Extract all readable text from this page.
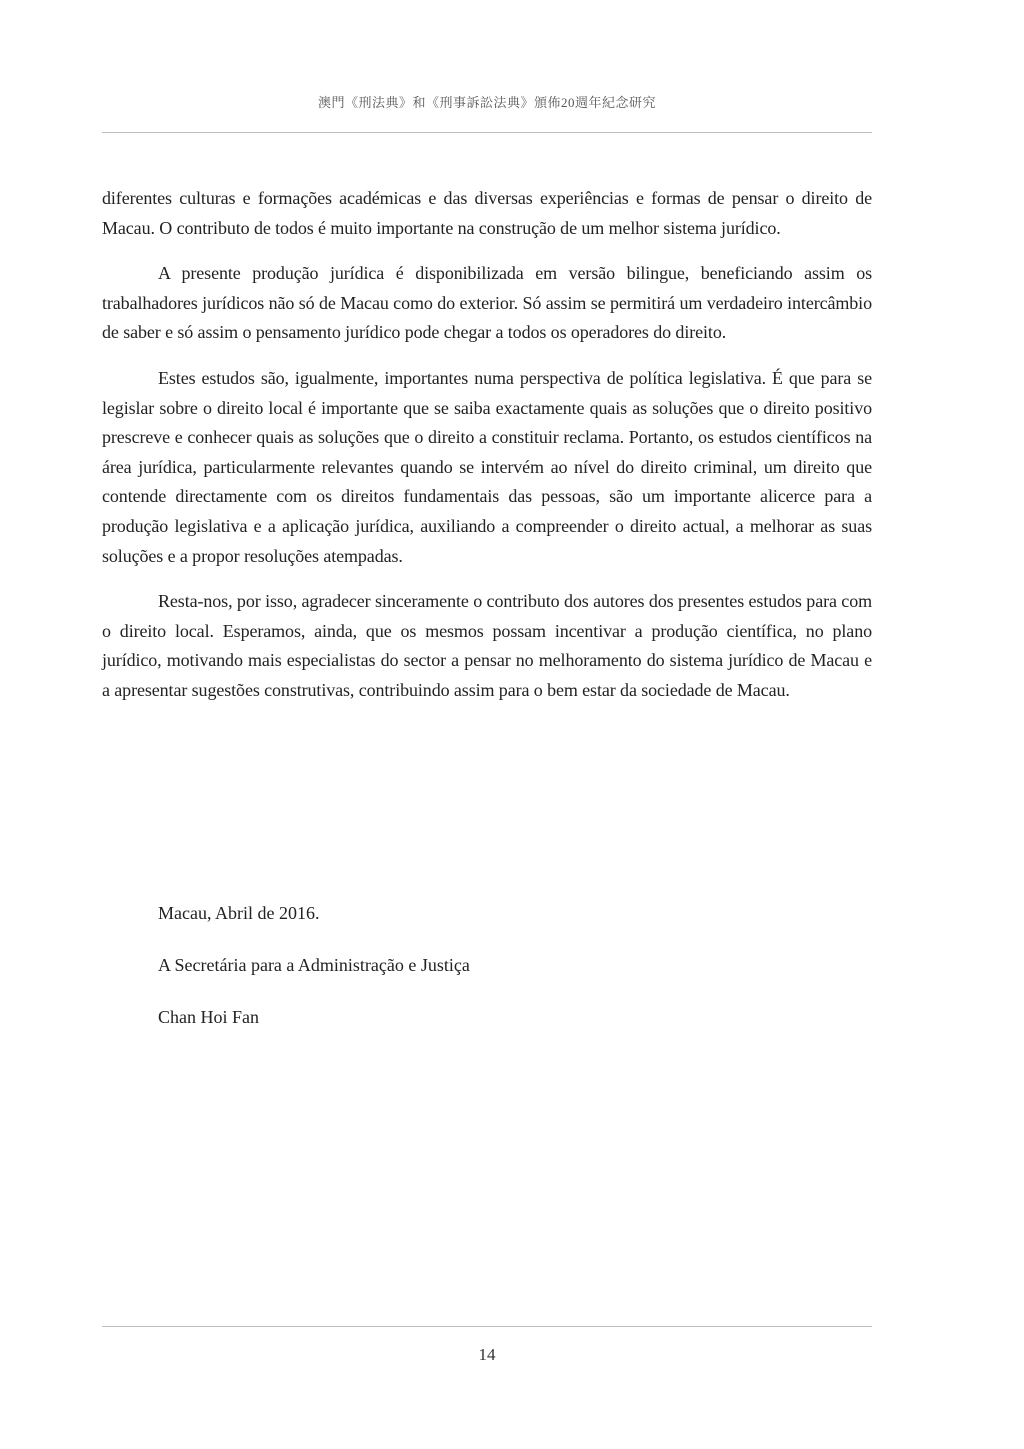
澳門《刑法典》和《刑事訴訟法典》頒佈20週年紀念研究

diferentes culturas e formações académicas e das diversas experiências e formas de pensar o direito de Macau. O contributo de todos é muito importante na construção de um melhor sistema jurídico.

A presente produção jurídica é disponibilizada em versão bilingue, beneficiando assim os trabalhadores jurídicos não só de Macau como do exterior. Só assim se permitirá um verdadeiro intercâmbio de saber e só assim o pensamento jurídico pode chegar a todos os operadores do direito.

Estes estudos são, igualmente, importantes numa perspectiva de política legislativa. É que para se legislar sobre o direito local é importante que se saiba exactamente quais as soluções que o direito positivo prescreve e conhecer quais as soluções que o direito a constituir reclama. Portanto, os estudos científicos na área jurídica, particularmente relevantes quando se intervém ao nível do direito criminal, um direito que contende directamente com os direitos fundamentais das pessoas, são um importante alicerce para a produção legislativa e a aplicação jurídica, auxiliando a compreender o direito actual, a melhorar as suas soluções e a propor resoluções atempadas.

Resta-nos, por isso, agradecer sinceramente o contributo dos autores dos presentes estudos para com o direito local. Esperamos, ainda, que os mesmos possam incentivar a produção científica, no plano jurídico, motivando mais especialistas do sector a pensar no melhoramento do sistema jurídico de Macau e a apresentar sugestões construtivas, contribuindo assim para o bem estar da sociedade de Macau.

Macau, Abril de 2016.
A Secretária para a Administração e Justiça
Chan Hoi Fan
14
